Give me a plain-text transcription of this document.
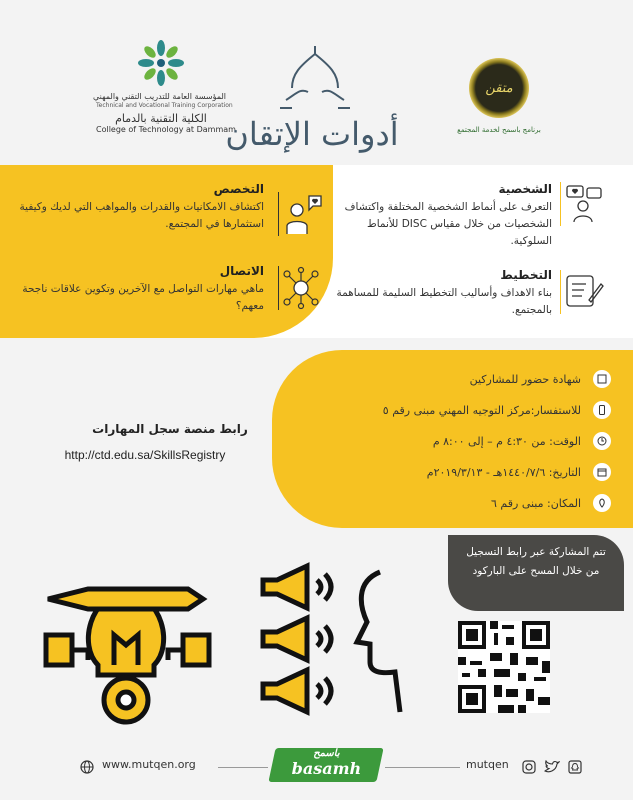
المؤسسة العامة للتدريب التقني والمهني
Technical and Vocational Training Corporation
الكلية التقنية بالدمام
College of Technology at Dammam
أدوات الإتقان
متقن
برنامج باسمح لخدمة المجتمع
الشخصية

التعرف على أنماط الشخصية المختلفة واكتشاف الشخصيات من خلال مقياس DISC للأنماط السلوكية.

التخطيط

بناء الاهداف وأساليب التخطيط السليمة للمساهمة بالمجتمع.

التخصص

اكتشاف الامكانيات والقدرات والمواهب التي لديك وكيفية استثمارها في المجتمع.

الاتصال

ماهي مهارات التواصل مع الآخرين وتكوين علاقات ناجحة معهم؟

شهادة حضور للمشاركين
للاستفسار:مركز التوجيه المهني مبنى رقم ٥
الوقت: من ٤:٣٠ م – إلى ٨:٠٠ م
التاريخ: ١٤٤٠/٧/٦هـ - ٢٠١٩/٣/١٣م
المكان: مبنى رقم ٦
رابط منصة سجل المهارات
http://ctd.edu.sa/SkillsRegistry
تتم المشاركة عبر رابط التسجيل من خلال المسح على الباركود
www.mutqen.org
باسمح
basamh	mutqen
